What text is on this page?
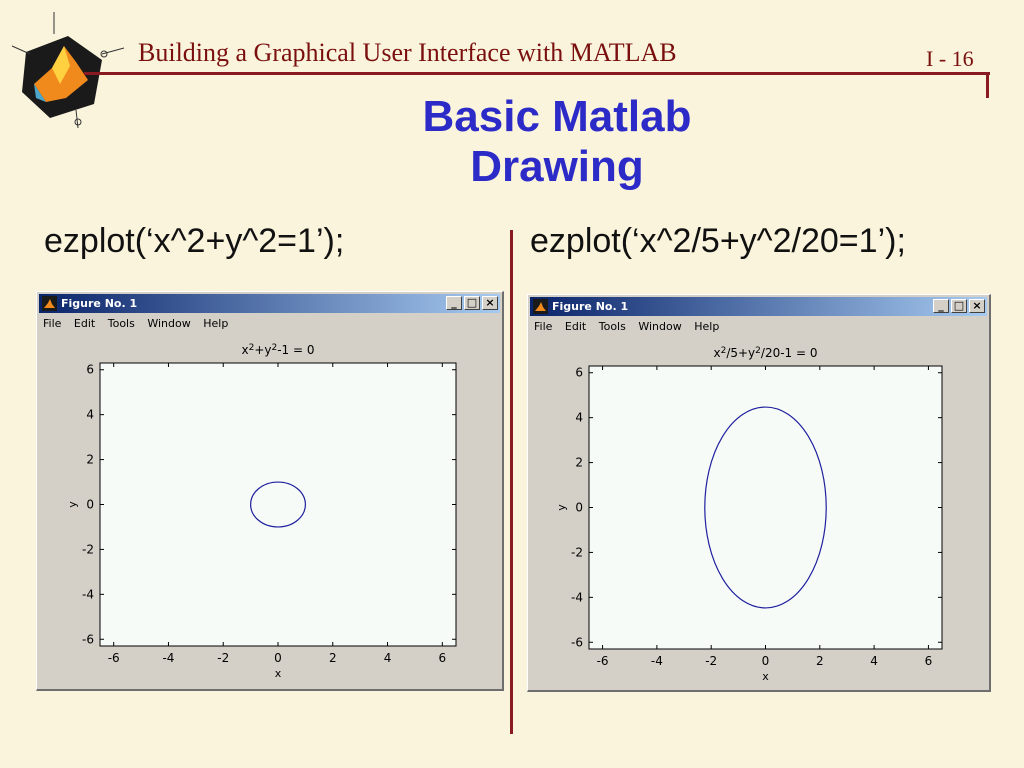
Building a Graphical User Interface with MATLAB	I - 16
Basic Matlab
Drawing
ezplot(‘x^2+y^2=1’);	ezplot(‘x^2/5+y^2/20=1’);
Figure No. 1	_ □ ×
File Edit Tools Window Help
$x^2+y^2-1 = 0$
-6	-4	-2	0	2	4	6
-6
-4
-2
0
2
4
6
x
y
Figure No. 1	_ □ ×
File Edit Tools Window Help
$x^2/5+y^2/20-1 = 0$
-6	-4	-2	0	2	4	6
-6
-4
-2
0
2
4
6
x
y
